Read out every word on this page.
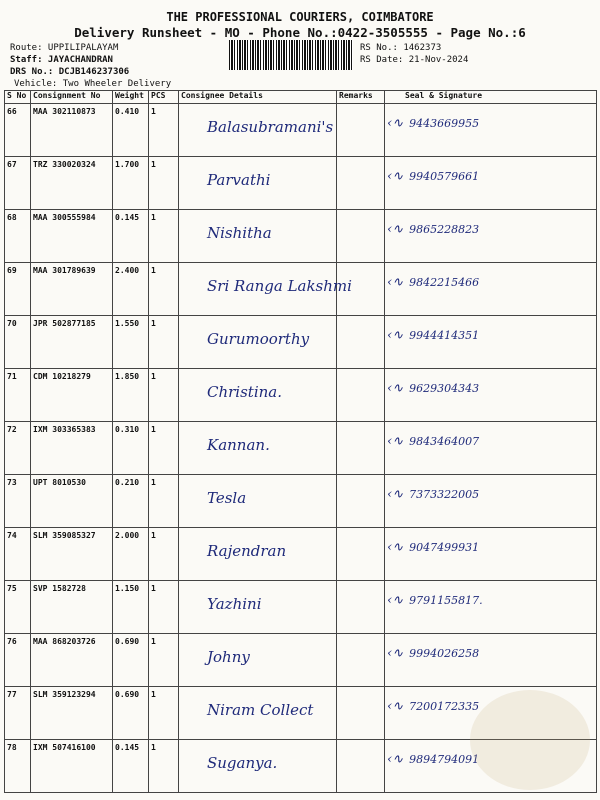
THE PROFESSIONAL COURIERS, COIMBATORE
Delivery Runsheet - MO - Phone No.:0422-3505555 - Page No.:6
Route: UPPILIPALAYAM
Staff: JAYACHANDRAN
DRS No.: DCJB146237306
Vehicle: Two Wheeler Delivery
RS No.: 1462373
RS Date: 21-Nov-2024
S No	Consignment No	Weight	PCS	Consignee Details	Remarks	Seal & Signature
66	MAA 302110873	0.410	1	Balasubramani's		‹∿ 9443669955
67	TRZ 330020324	1.700	1	Parvathi		‹∿ 9940579661
68	MAA 300555984	0.145	1	Nishitha		‹∿ 9865228823
69	MAA 301789639	2.400	1	Sri Ranga Lakshmi		‹∿ 9842215466
70	JPR 502877185	1.550	1	Gurumoorthy		‹∿ 9944414351
71	CDM 10218279	1.850	1	Christina.		‹∿ 9629304343
72	IXM 303365383	0.310	1	Kannan.		‹∿ 9843464007
73	UPT 8010530	0.210	1	Tesla		‹∿ 7373322005
74	SLM 359085327	2.000	1	Rajendran		‹∿ 9047499931
75	SVP 1582728	1.150	1	Yazhini		‹∿ 9791155817.
76	MAA 868203726	0.690	1	Johny		‹∿ 9994026258
77	SLM 359123294	0.690	1	Niram Collect		‹∿ 7200172335
78	IXM 507416100	0.145	1	Suganya.		‹∿ 9894794091
